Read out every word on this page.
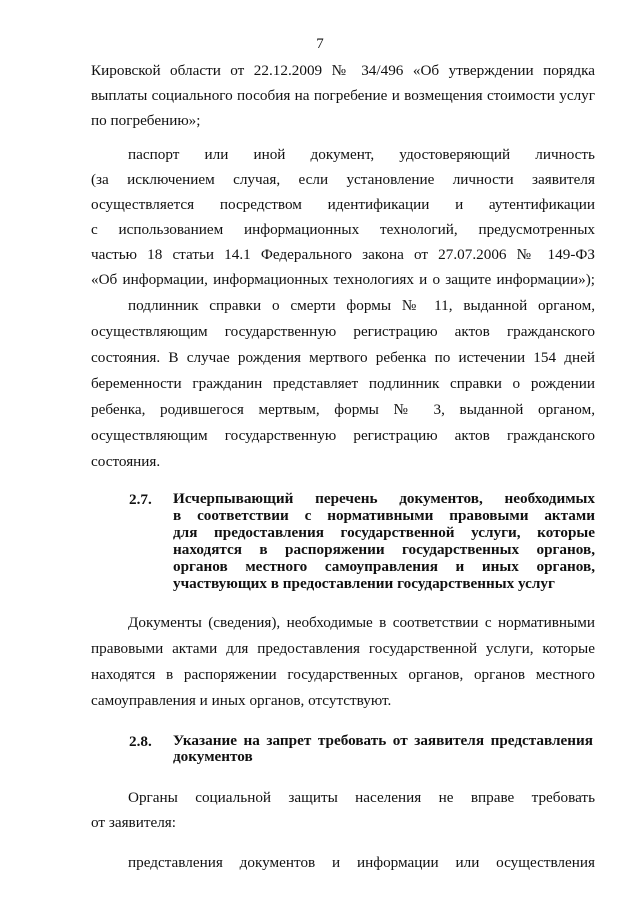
7
Кировской области от 22.12.2009 № 34/496 «Об утверждении порядка
выплаты социального пособия на погребение и возмещения стоимости услуг
по погребению»;
паспорт или иной документ, удостоверяющий личность
(за исключением случая, если установление личности заявителя
осуществляется посредством идентификации и аутентификации
с использованием информационных технологий, предусмотренных
частью 18 статьи 14.1 Федерального закона от 27.07.2006 № 149-ФЗ
«Об информации, информационных технологиях и о защите информации»);
подлинник справки о смерти формы № 11, выданной органом,
осуществляющим государственную регистрацию актов гражданского
состояния. В случае рождения мертвого ребенка по истечении 154 дней
беременности гражданин представляет подлинник справки о рождении
ребенка, родившегося мертвым, формы № 3, выданной органом,
осуществляющим государственную регистрацию актов гражданского
состояния.
2.7. Исчерпывающий перечень документов, необходимых
в соответствии с нормативными правовыми актами
для предоставления государственной услуги, которые
находятся в распоряжении государственных органов,
органов местного самоуправления и иных органов,
участвующих в предоставлении государственных услуг
Документы (сведения), необходимые в соответствии с нормативными
правовыми актами для предоставления государственной услуги, которые
находятся в распоряжении государственных органов, органов местного
самоуправления и иных органов, отсутствуют.
2.8. Указание на запрет требовать от заявителя представления
документов
Органы социальной защиты населения не вправе требовать
от заявителя:
представления документов и информации или осуществления
